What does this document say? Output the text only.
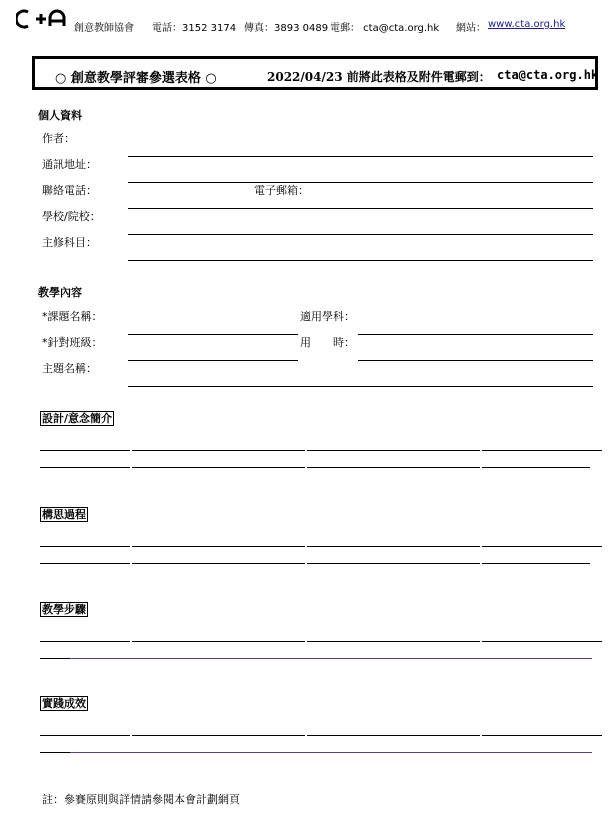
創意教師協會 電話：3152 3174 傳真：3893 0489 電郵： cta@cta.org.hk 網站： www.cta.org.hk
○ 創意教學評審參選表格 ○	2022/04/23 前將此表格及附件電郵到： cta@cta.org.hk
個人資料
作者：
通訊地址：
聯絡電話：	電子郵箱：
學校/院校：
主修科目：
教學內容
*課題名稱：	適用學科：
*針對班級：	用　　時：
主題名稱：
設計/意念簡介
構思過程
教學步驟
實踐成效
註：參賽原則與詳情請參閱本會計劃網頁
